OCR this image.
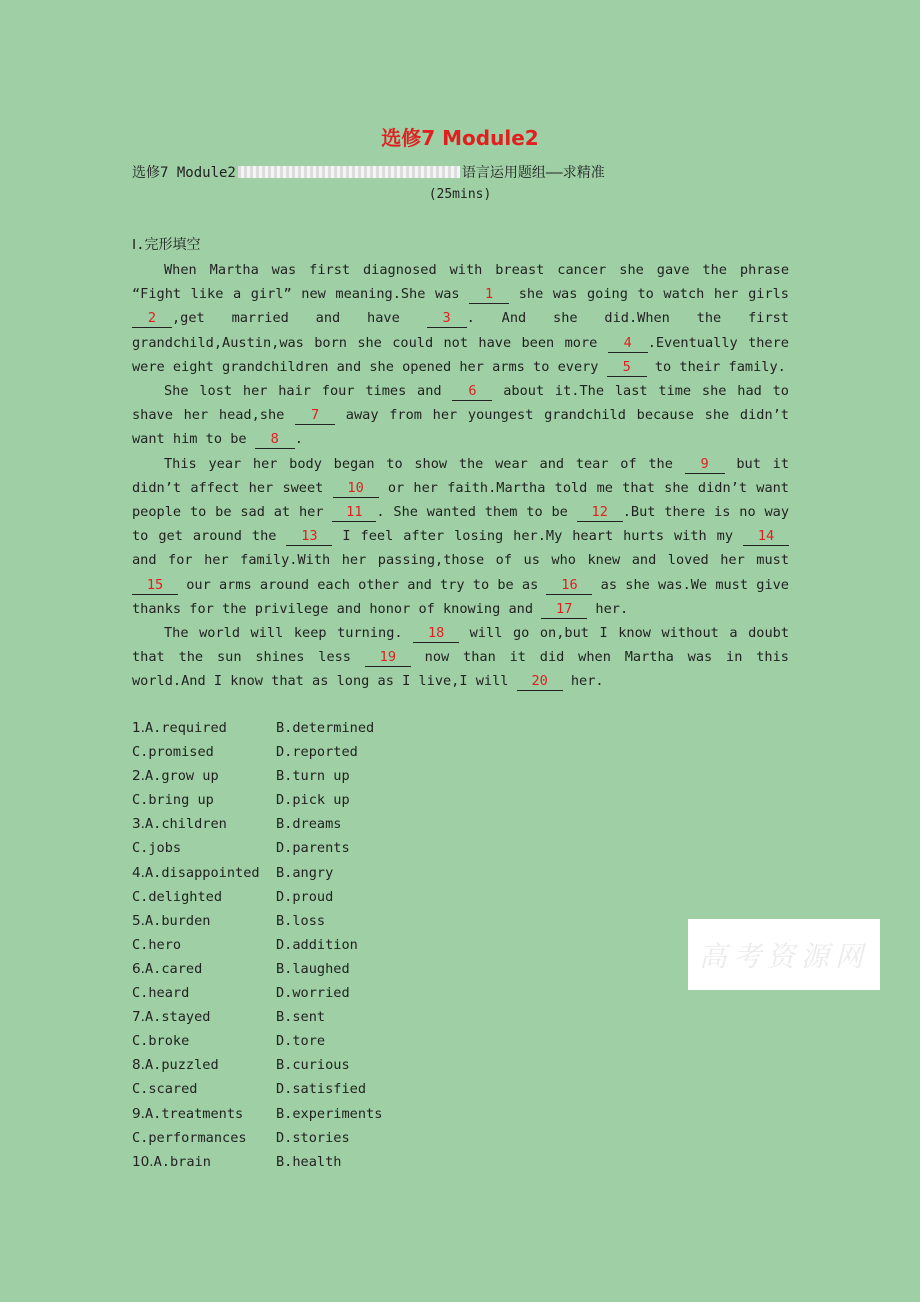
选修7 Module2
选修7 Module2	语言运用题组——求精准
(25mins)
Ⅰ.完形填空

When Martha was first diagnosed with breast cancer she gave the phrase “Fight like a girl” new meaning.She was 1 she was going to watch her girls 2 ,get married and have 3 . And she did.When the first grandchild,Austin,was born she could not have been more 4 .Eventually there were eight grandchildren and she opened her arms to every 5 to their family.

She lost her hair four times and 6 about it.The last time she had to shave her head,she 7 away from her youngest grandchild because she didn’t want him to be 8 .

This year her body began to show the wear and tear of the 9 but it didn’t affect her sweet 10 or her faith.Martha told me that she didn’t want people to be sad at her 11 . She wanted them to be 12 .But there is no way to get around the 13 I feel after losing her.My heart hurts with my 14 and for her family.With her passing,those of us who knew and loved her must 15 our arms around each other and try to be as 16 as she was.We must give thanks for the privilege and honor of knowing and 17 her.

The world will keep turning. 18 will go on,but I know without a doubt that the sun shines less 19 now than it did when Martha was in this world.And I know that as long as I live,I will 20 her.

1.A.required	B.determined
C.promised	D.reported
2.A.grow up	B.turn up
C.bring up	D.pick up
3.A.children	B.dreams
C.jobs	D.parents
4.A.disappointed	B.angry
C.delighted	D.proud
5.A.burden	B.loss
C.hero	D.addition
6.A.cared	B.laughed
C.heard	D.worried
7.A.stayed	B.sent
C.broke	D.tore
8.A.puzzled	B.curious
C.scared	D.satisfied
9.A.treatments	B.experiments
C.performances	D.stories
10.A.brain	B.health
高考资源网
